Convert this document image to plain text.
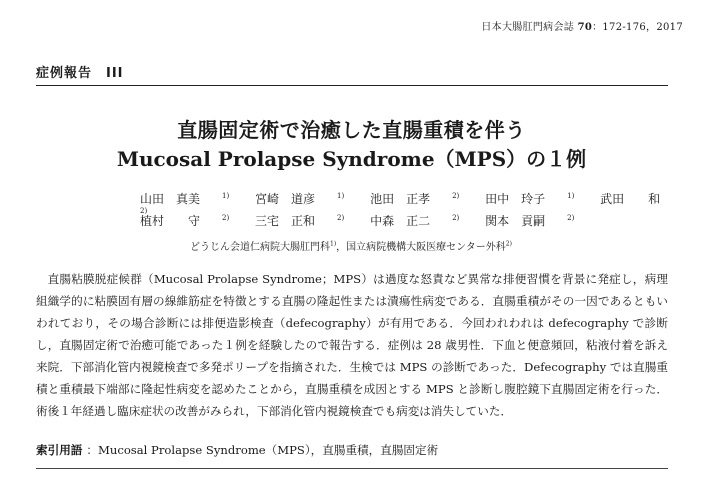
日本大腸肛門病会誌 70：172-176，2017
症例報告　III
直腸固定術で治癒した直腸重積を伴う
Mucosal Prolapse Syndrome（MPS）の１例
山田　真美	$^{1)}$ 宮崎　道彦	$^{1)}$ 池田　正孝	$^{2)}$ 田中　玲子	$^{1)}$ 武田　　和$^{2)}$
植村　　守	$^{2)}$ 三宅　正和	$^{2)}$ 中森　正二	$^{2)}$ 関本　貢嗣	$^{2)}$
どうじん会道仁病院大腸肛門科$^{1)}$，国立病院機構大阪医療センター外科$^{2)}$

直腸粘膜脱症候群（Mucosal Prolapse Syndrome；MPS）は過度な怒責など異常な排便習慣を背景に発症し，病理組織学的に粘膜固有層の線維筋症を特徴とする直腸の隆起性または潰瘍性病変である．直腸重積がその一因であるともいわれており，その場合診断には排便造影検査（defecography）が有用である．今回われわれは defecography で診断し，直腸固定術で治癒可能であった１例を経験したので報告する．症例は 28 歳男性．下血と便意頻回，粘液付着を訴え来院．下部消化管内視鏡検査で多発ポリープを指摘された．生検では MPS の診断であった．Defecography では直腸重積と重積最下端部に隆起性病変を認めたことから，直腸重積を成因とする MPS と診断し腹腔鏡下直腸固定術を行った．術後１年経過し臨床症状の改善がみられ，下部消化管内視鏡検査でも病変は消失していた．

索引用語 ：Mucosal Prolapse Syndrome（MPS），直腸重積，直腸固定術
